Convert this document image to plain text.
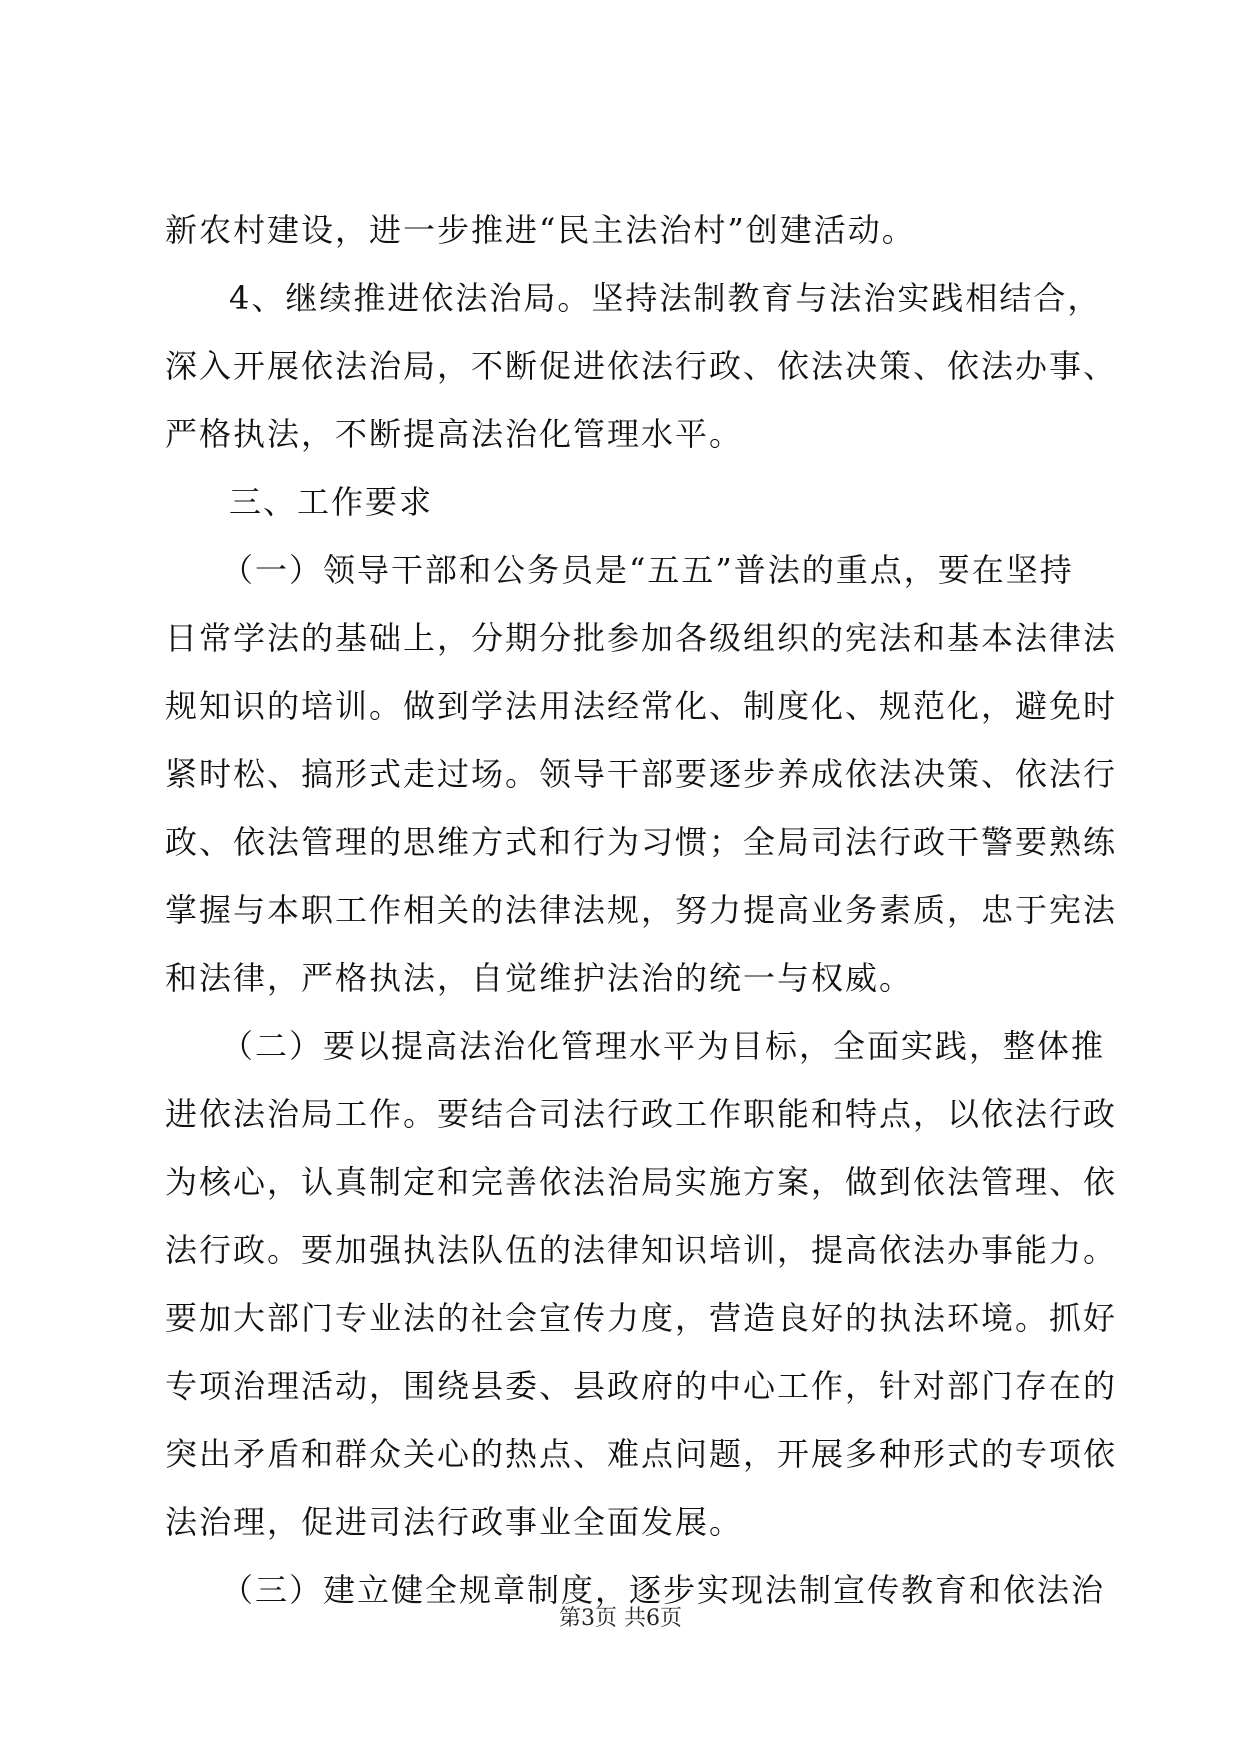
新农村建设，进一步推进“民主法治村”创建活动。
4、继续推进依法治局。坚持法制教育与法治实践相结合，
深入开展依法治局，不断促进依法行政、依法决策、依法办事、
严格执法，不断提高法治化管理水平。
三、工作要求
（一）领导干部和公务员是“五五”普法的重点，要在坚持
日常学法的基础上，分期分批参加各级组织的宪法和基本法律法
规知识的培训。做到学法用法经常化、制度化、规范化，避免时
紧时松、搞形式走过场。领导干部要逐步养成依法决策、依法行
政、依法管理的思维方式和行为习惯；全局司法行政干警要熟练
掌握与本职工作相关的法律法规，努力提高业务素质，忠于宪法
和法律，严格执法，自觉维护法治的统一与权威。
（二）要以提高法治化管理水平为目标，全面实践，整体推
进依法治局工作。要结合司法行政工作职能和特点，以依法行政
为核心，认真制定和完善依法治局实施方案，做到依法管理、依
法行政。要加强执法队伍的法律知识培训，提高依法办事能力。
要加大部门专业法的社会宣传力度，营造良好的执法环境。抓好
专项治理活动，围绕县委、县政府的中心工作，针对部门存在的
突出矛盾和群众关心的热点、难点问题，开展多种形式的专项依
法治理，促进司法行政事业全面发展。
（三）建立健全规章制度，逐步实现法制宣传教育和依法治
第3页 共6页
